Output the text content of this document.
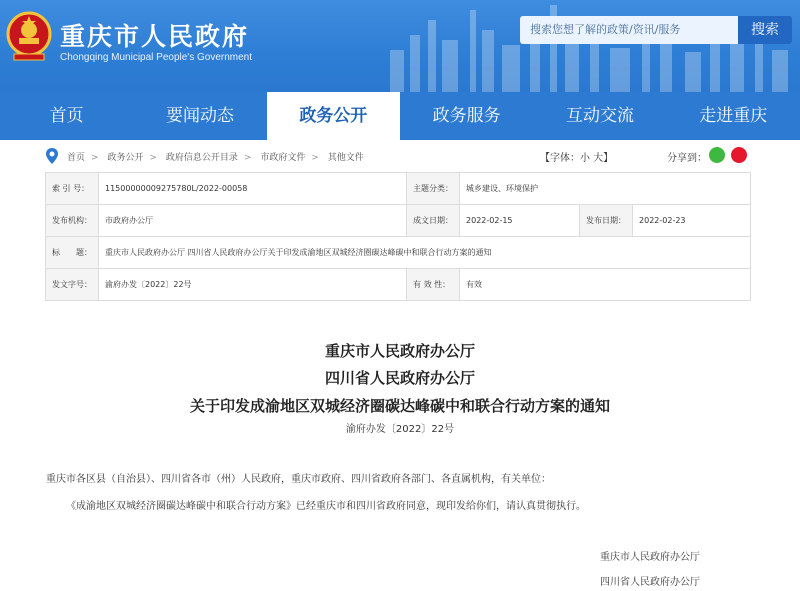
重庆市人民政府
Chongqing Municipal People's Government
搜索您想了解的政策/资讯/服务	搜索
首页	要闻动态	政务公开	政务服务	互动交流	走进重庆
首页 > 政务公开 > 政府信息公开目录 > 市政府文件 > 其他文件	【字体：小 大】	分享到：
索 引 号：	11500000009275780L/2022-00058	主题分类：	城乡建设、环境保护		
发布机构：	市政府办公厅	成文日期：	2022-02-15	发布日期：	2022-02-23
标　　题：	重庆市人民政府办公厅 四川省人民政府办公厅关于印发成渝地区双城经济圈碳达峰碳中和联合行动方案的通知				
发文字号：	渝府办发〔2022〕22号	有 效 性：	有效		
重庆市人民政府办公厅
四川省人民政府办公厅
关于印发成渝地区双城经济圈碳达峰碳中和联合行动方案的通知
渝府办发〔2022〕22号
重庆市各区县（自治县）、四川省各市（州）人民政府，重庆市政府、四川省政府各部门、各直属机构，有关单位：
《成渝地区双城经济圈碳达峰碳中和联合行动方案》已经重庆市和四川省政府同意，现印发给你们，请认真贯彻执行。
重庆市人民政府办公厅
四川省人民政府办公厅
